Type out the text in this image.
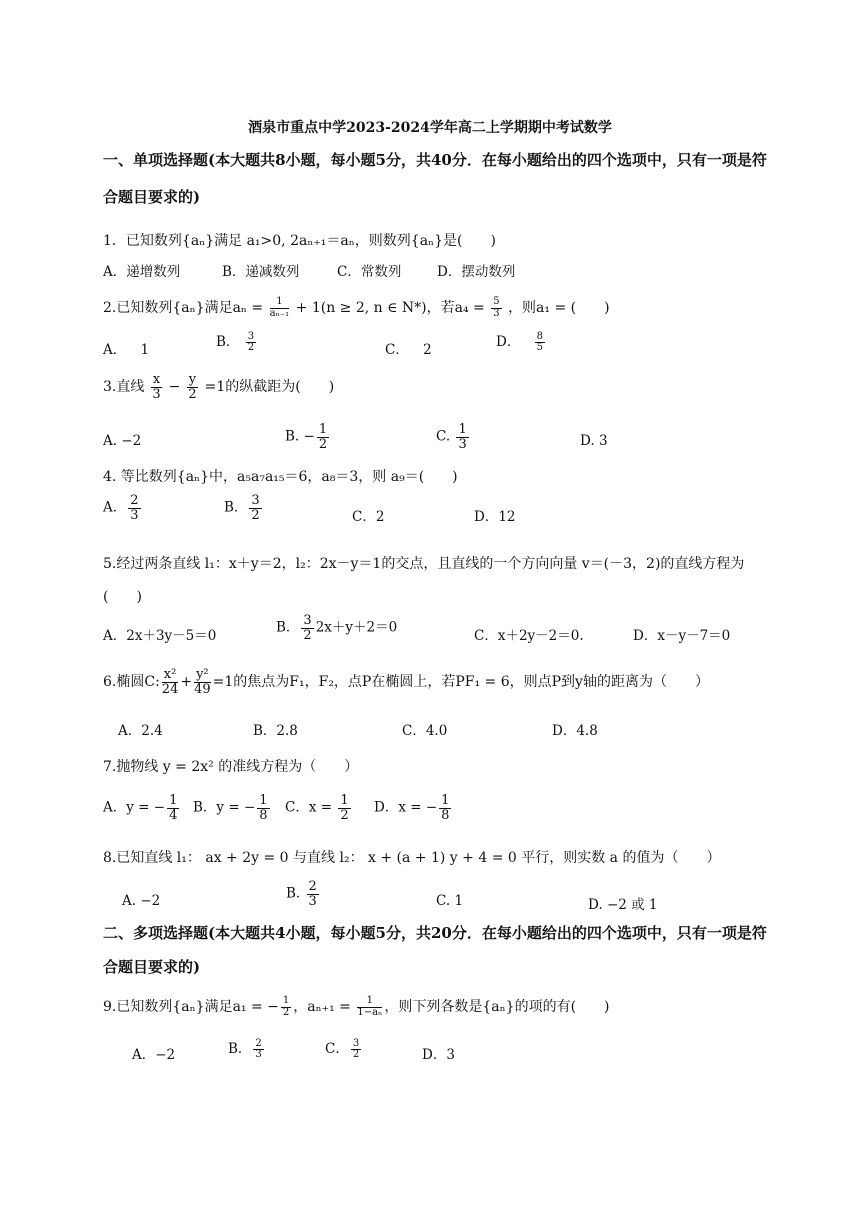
酒泉市重点中学2023-2024学年高二上学期期中考试数学
一、单项选择题(本大题共8小题，每小题5分，共40分．在每小题给出的四个选项中，只有一项是符
合题目要求的)
1．已知数列{aₙ}满足 a₁>0, 2aₙ₊₁＝aₙ，则数列{aₙ}是(　　)
A．递增数列	B．递减数列	C．常数列	D．摆动数列
2.已知数列{aₙ}满足$a_n = \frac{1}{\text{aₙ₋₁}} + 1(n \ge 2$, n ∈ N*)，若$a_4 = \frac{5}{3}$ ，则a₁ = (　　)
A． 1	B． $\frac{3}{2}$	C． 2	D． $\frac{8}{5}$
3.直线 $\frac{x}{3} - \frac{y}{2} =1$的纵截距为(　　)
A. −2	B. − $\frac{1}{2}$	C. $\frac{1}{3}$	D. 3
4. 等比数列{aₙ}中，a₅a₇a₁₅＝6，a₈＝3，则 a₉＝(　　)
A． $\frac{2}{3}$	B． $\frac{3}{2}$	C．2	D．12
5.经过两条直线 l₁：x＋y＝2，l₂：2x－y＝1的交点，且直线的一个方向向量 v＝(－3，2)的直线方程为
(　　)
A．2x＋3y－5＝0
B． $\frac{3}{2} 2x+y+2=0$
C．x＋2y－2＝0.	D．x－y－7＝0
6.椭圆C: $\frac{\text{x²}}{24} + \frac{\text{y²}}{49} =1$的焦点为F₁，F₂，点P在椭圆上，若PF₁ = 6，则点P到y轴的距离为（　　）
A．2.4	B．2.8	C．4.0	D．4.8
7.抛物线 y = 2x² 的准线方程为（　　）
A．y = − $\frac{1}{4}$ B．y = − $\frac{1}{8}$ C．$x = \frac{1}{2}$ D．x = − $\frac{1}{8}$
8.已知直线 l₁： ax + 2y = 0 与直线 l₂： x + (a + 1) y + 4 = 0 平行，则实数 a 的值为（　　）
A. −2	B. $\frac{2}{3}$	C. 1	D. −2 或 1
二、多项选择题(本大题共4小题，每小题5分，共20分．在每小题给出的四个选项中，只有一项是符
合题目要求的)
9.已知数列{aₙ}满足a₁ = − $\frac{1}{2}$ ，$a_{n+1} = \frac{1}{\text{1−aₙ}}$ ，则下列各数是{aₙ}的项的有(　　)
A．−2	B． $\frac{2}{3}$	C． $\frac{3}{2}$	D．3
